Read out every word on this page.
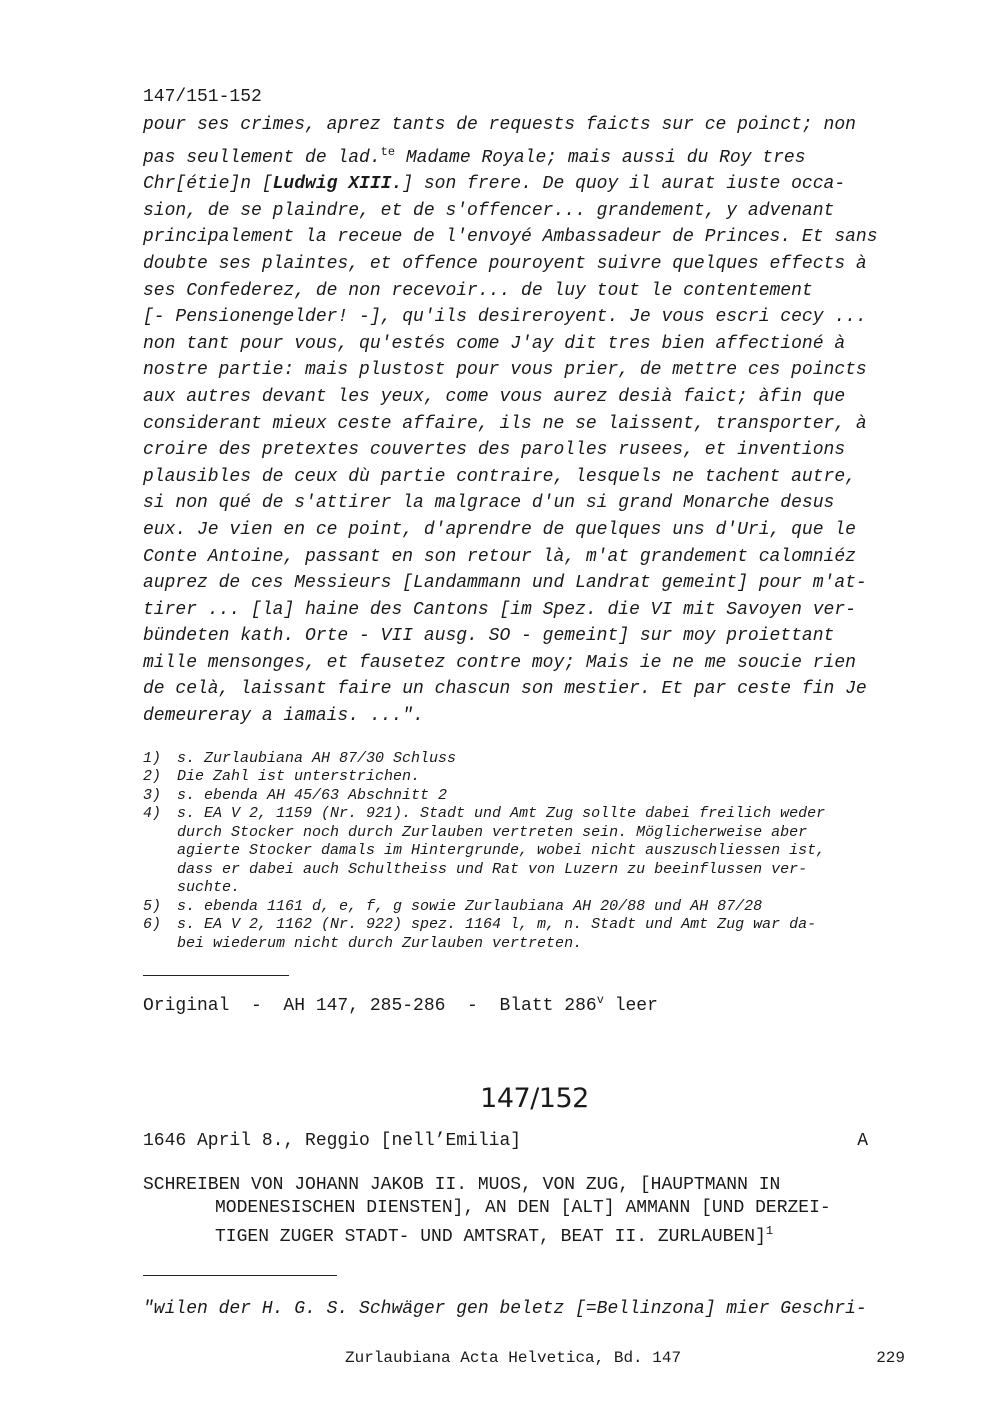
147/151-152
pour ses crimes, aprez tants de requests faicts sur ce poinct; non
pas seullement de lad.$^{te}$ Madame Royale; mais aussi du Roy tres
Chr[étie]n [Ludwig XIII.] son frere. De quoy il aurat iuste occa-
sion, de se plaindre, et de s'offencer... grandement, y advenant
principalement la receue de l'envoyé Ambassadeur de Princes. Et sans
doubte ses plaintes, et offence pouroyent suivre quelques effects à
ses Confederez, de non recevoir... de luy tout le contentement
[- Pensionengelder! -], qu'ils desireroyent. Je vous escri cecy ...
non tant pour vous, qu'estés come J'ay dit tres bien affectioné à
nostre partie: mais plustost pour vous prier, de mettre ces poincts
aux autres devant les yeux, come vous aurez desià faict; àfin que
considerant mieux ceste affaire, ils ne se laissent, transporter, à
croire des pretextes couvertes des parolles rusees, et inventions
plausibles de ceux dù partie contraire, lesquels ne tachent autre,
si non qué de s'attirer la malgrace d'un si grand Monarche desus
eux. Je vien en ce point, d'aprendre de quelques uns d'Uri, que le
Conte Antoine, passant en son retour là, m'at grandement calomniéz
auprez de ces Messieurs [Landammann und Landrat gemeint] pour m'at-
tirer ... [la] haine des Cantons [im Spez. die VI mit Savoyen ver-
bündeten kath. Orte - VII ausg. SO - gemeint] sur moy proiettant
mille mensonges, et fausetez contre moy; Mais ie ne me soucie rien
de celà, laissant faire un chascun son mestier. Et par ceste fin Je
demeureray a iamais. ...".
1)	s. Zurlaubiana AH 87/30 Schluss
2)	Die Zahl ist unterstrichen.
3)	s. ebenda AH 45/63 Abschnitt 2
4)	s. EA V 2, 1159 (Nr. 921). Stadt und Amt Zug sollte dabei freilich weder
durch Stocker noch durch Zurlauben vertreten sein. Möglicherweise aber
agierte Stocker damals im Hintergrunde, wobei nicht auszuschliessen ist,
dass er dabei auch Schultheiss und Rat von Luzern zu beeinflussen ver-
suchte.
5)	s. ebenda 1161 d, e, f, g sowie Zurlaubiana AH 20/88 und AH 87/28
6)	s. EA V 2, 1162 (Nr. 922) spez. 1164 l, m, n. Stadt und Amt Zug war da-
bei wiederum nicht durch Zurlauben vertreten.
Original  -  AH 147, 285-286  -  Blatt 286$^v$ leer
147/152
1646 April 8., Reggio [nell’Emilia]	A
SCHREIBEN VON JOHANN JAKOB II. MUOS, VON ZUG, [HAUPTMANN IN
MODENESISCHEN DIENSTEN], AN DEN [ALT] AMMANN [UND DERZEI-
TIGEN ZUGER STADT- UND AMTSRAT, BEAT II. ZURLAUBEN]$^1$
"wilen der H. G. S. Schwäger gen beletz [=Bellinzona] mier Geschri-
Zurlaubiana Acta Helvetica, Bd. 147	229
